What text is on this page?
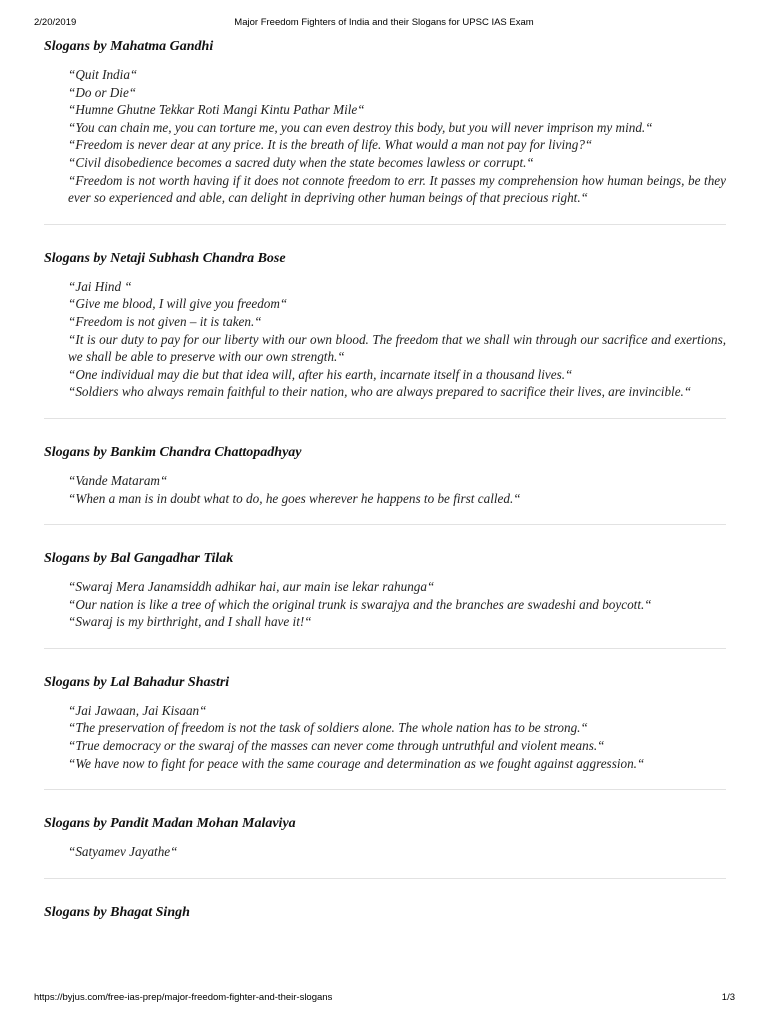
2/20/2019	Major Freedom Fighters of India and their Slogans for UPSC IAS Exam
Slogans by Mahatma Gandhi
“Quit India“
“Do or Die“
“Humne Ghutne Tekkar Roti Mangi Kintu Pathar Mile“
“You can chain me, you can torture me, you can even destroy this body, but you will never imprison my mind.“
“Freedom is never dear at any price. It is the breath of life. What would a man not pay for living?“
“Civil disobedience becomes a sacred duty when the state becomes lawless or corrupt.“
“Freedom is not worth having if it does not connote freedom to err. It passes my comprehension how human beings, be they ever so experienced and able, can delight in depriving other human beings of that precious right.“
Slogans by Netaji Subhash Chandra Bose
“Jai Hind “
“Give me blood, I will give you freedom“
“Freedom is not given – it is taken.“
“It is our duty to pay for our liberty with our own blood. The freedom that we shall win through our sacrifice and exertions, we shall be able to preserve with our own strength.“
“One individual may die but that idea will, after his earth, incarnate itself in a thousand lives.“
“Soldiers who always remain faithful to their nation, who are always prepared to sacrifice their lives, are invincible.“
Slogans by Bankim Chandra Chattopadhyay
“Vande Mataram“
“When a man is in doubt what to do, he goes wherever he happens to be first called.“
Slogans by Bal Gangadhar Tilak
“Swaraj Mera Janamsiddh adhikar hai, aur main ise lekar rahunga“
“Our nation is like a tree of which the original trunk is swarajya and the branches are swadeshi and boycott.“
“Swaraj is my birthright, and I shall have it!“
Slogans by Lal Bahadur Shastri
“Jai Jawaan, Jai Kisaan“
“The preservation of freedom is not the task of soldiers alone. The whole nation has to be strong.“
“True democracy or the swaraj of the masses can never come through untruthful and violent means.“
“We have now to fight for peace with the same courage and determination as we fought against aggression.“
Slogans by Pandit Madan Mohan Malaviya
“Satyamev Jayathe“
Slogans by Bhagat Singh
https://byjus.com/free-ias-prep/major-freedom-fighter-and-their-slogans	1/3
